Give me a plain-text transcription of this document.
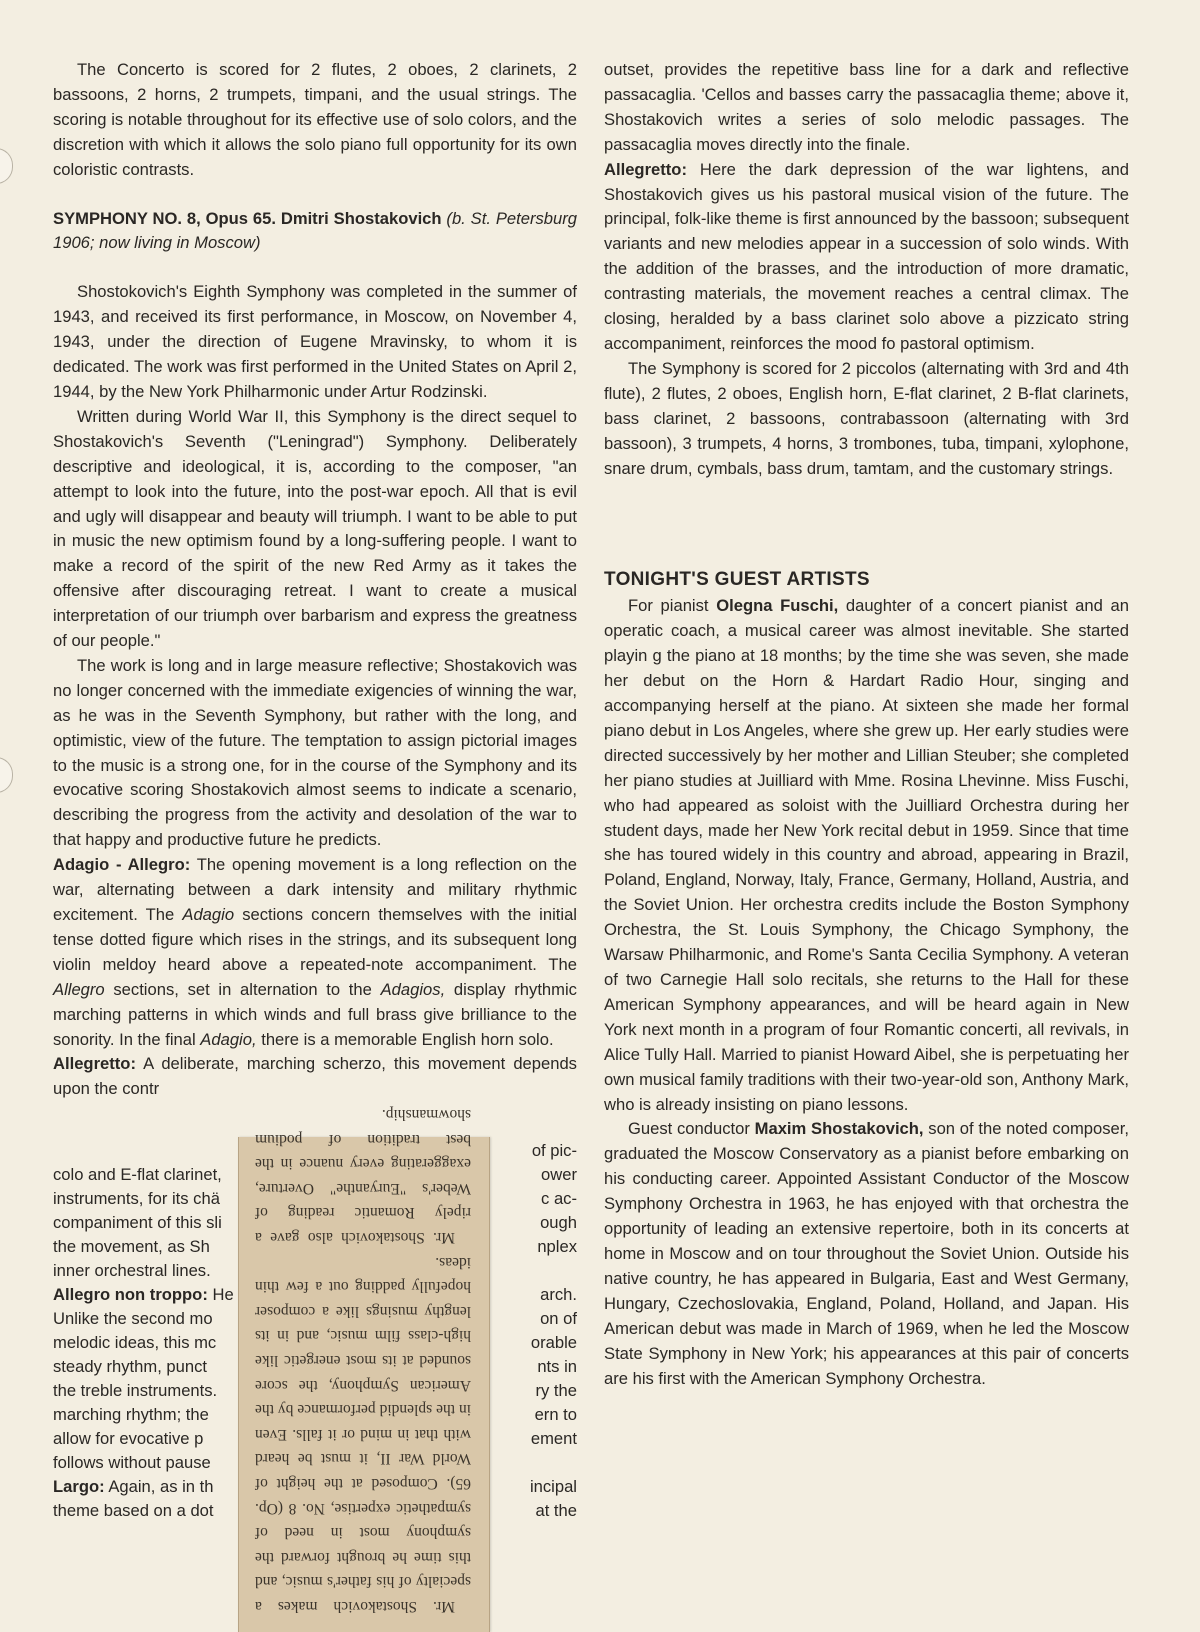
The Concerto is scored for 2 flutes, 2 oboes, 2 clarinets, 2 bassoons, 2 horns, 2 trumpets, timpani, and the usual strings. The scoring is notable throughout for its effective use of solo colors, and the discretion with which it allows the solo piano full opportunity for its own coloristic contrasts.

SYMPHONY NO. 8, Opus 65. Dmitri Shostakovich (b. St. Petersburg 1906; now living in Moscow)

Shostokovich's Eighth Symphony was completed in the summer of 1943, and received its first performance, in Moscow, on November 4, 1943, under the direction of Eugene Mravinsky, to whom it is dedicated. The work was first performed in the United States on April 2, 1944, by the New York Philharmonic under Artur Rodzinski.

Written during World War II, this Symphony is the direct sequel to Shostakovich's Seventh ("Leningrad") Symphony. Deliberately descriptive and ideological, it is, according to the composer, "an attempt to look into the future, into the post-war epoch. All that is evil and ugly will disappear and beauty will triumph. I want to be able to put in music the new optimism found by a long-suffering people. I want to make a record of the spirit of the new Red Army as it takes the offensive after discouraging retreat. I want to create a musical interpretation of our triumph over barbarism and express the greatness of our people."

The work is long and in large measure reflective; Shostakovich was no longer concerned with the immediate exigencies of winning the war, as he was in the Seventh Symphony, but rather with the long, and optimistic, view of the future. The temptation to assign pictorial images to the music is a strong one, for in the course of the Symphony and its evocative scoring Shostakovich almost seems to indicate a scenario, describing the progress from the activity and desolation of the war to that happy and productive future he predicts.

Adagio - Allegro: The opening movement is a long reflection on the war, alternating between a dark intensity and military rhythmic excitement. The Adagio sections concern themselves with the initial tense dotted figure which rises in the strings, and its subsequent long violin meldoy heard above a repeated-note accompaniment. The Allegro sections, set in alternation to the Adagios, display rhythmic marching patterns in which winds and full brass give brilliance to the sonority. In the final Adagio, there is a memorable English horn solo.

Allegretto: A deliberate, marching scherzo, this movement depends upon the contr

colo and E-flat clarinet,
instruments, for its chä
companiment of this sli
the movement, as Sh
inner orchestral lines.
Allegro non troppo: He
Unlike the second mo
melodic ideas, this mc
steady rhythm, punct
the treble instruments.
marching rhythm; the
allow for evocative p
follows without pause
Largo: Again, as in th
theme based on a dot
of pic-
ower
c ac-
ough
nplex
arch.
on of
orable
nts in
ry the
ern to
ement
incipal
at the

outset, provides the repetitive bass line for a dark and reflective passacaglia. 'Cellos and basses carry the passacaglia theme; above it, Shostakovich writes a series of solo melodic passages. The passacaglia moves directly into the finale.

Allegretto: Here the dark depression of the war lightens, and Shostakovich gives us his pastoral musical vision of the future. The principal, folk-like theme is first announced by the bassoon; subsequent variants and new melodies appear in a succession of solo winds. With the addition of the brasses, and the introduction of more dramatic, contrasting materials, the movement reaches a central climax. The closing, heralded by a bass clarinet solo above a pizzicato string accompaniment, reinforces the mood fo pastoral optimism.

The Symphony is scored for 2 piccolos (alternating with 3rd and 4th flute), 2 flutes, 2 oboes, English horn, E-flat clarinet, 2 B-flat clarinets, bass clarinet, 2 bassoons, contrabassoon (alternating with 3rd bassoon), 3 trumpets, 4 horns, 3 trombones, tuba, timpani, xylophone, snare drum, cymbals, bass drum, tamtam, and the customary strings.

TONIGHT'S GUEST ARTISTS

For pianist Olegna Fuschi, daughter of a concert pianist and an operatic coach, a musical career was almost inevitable. She started playin g the piano at 18 months; by the time she was seven, she made her debut on the Horn & Hardart Radio Hour, singing and accompanying herself at the piano. At sixteen she made her formal piano debut in Los Angeles, where she grew up. Her early studies were directed successively by her mother and Lillian Steuber; she completed her piano studies at Juilliard with Mme. Rosina Lhevinne. Miss Fuschi, who had appeared as soloist with the Juilliard Orchestra during her student days, made her New York recital debut in 1959. Since that time she has toured widely in this country and abroad, appearing in Brazil, Poland, England, Norway, Italy, France, Germany, Holland, Austria, and the Soviet Union. Her orchestra credits include the Boston Symphony Orchestra, the St. Louis Symphony, the Chicago Symphony, the Warsaw Philharmonic, and Rome's Santa Cecilia Symphony. A veteran of two Carnegie Hall solo recitals, she returns to the Hall for these American Symphony appearances, and will be heard again in New York next month in a program of four Romantic concerti, all revivals, in Alice Tully Hall. Married to pianist Howard Aibel, she is perpetuating her own musical family traditions with their two-year-old son, Anthony Mark, who is already insisting on piano lessons.

Guest conductor Maxim Shostakovich, son of the noted composer, graduated the Moscow Conservatory as a pianist before embarking on his conducting career. Appointed Assistant Conductor of the Moscow Symphony Orchestra in 1963, he has enjoyed with that orchestra the opportunity of leading an extensive repertoire, both in its concerts at home in Moscow and on tour throughout the Soviet Union. Outside his native country, he has appeared in Bulgaria, East and West Germany, Hungary, Czechoslovakia, England, Poland, Holland, and Japan. His American debut was made in March of 1969, when he led the Moscow State Symphony in New York; his appearances at this pair of concerts are his first with the American Symphony Orchestra.

Mr. Shostakovich makes a specialty of his father's music, and this time he brought forward the symphony most in need of sympathetic expertise, No. 8 (Op. 65). Composed at the height of World War II, it must be heard with that in mind or it falls. Even in the splendid performance by the American Symphony, the score sounded at its most energetic like high-class film music, and in its lengthy musings like a composer hopefully padding out a few thin ideas.

Mr. Shostakovich also gave a ripely Romantic reading of Weber's "Euryanthe" Overture, exaggerating every nuance in the best tradition of podium showmanship.
